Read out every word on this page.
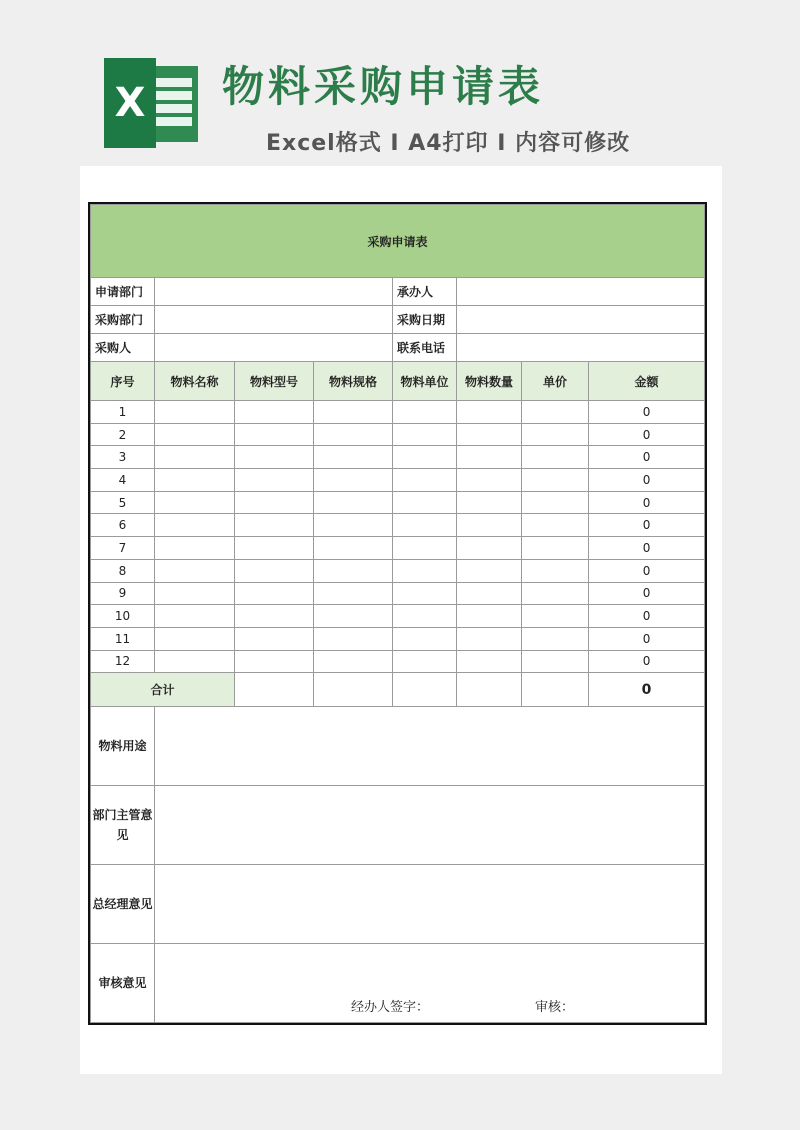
X 物料采购申请表
Excel格式 I A4打印 I 内容可修改
采购申请表							
申请部门				承办人			
采购部门				采购日期			
采购人				联系电话			
序号	物料名称	物料型号	物料规格	物料单位	物料数量	单价	金额
1							0
2							0
3							0
4							0
5							0
6							0
7							0
8							0
9							0
10							0
11							0
12							0
合计							0
物料用途							
部门主管意见							
总经理意见							
审核意见	经办人签字： 审核：						
